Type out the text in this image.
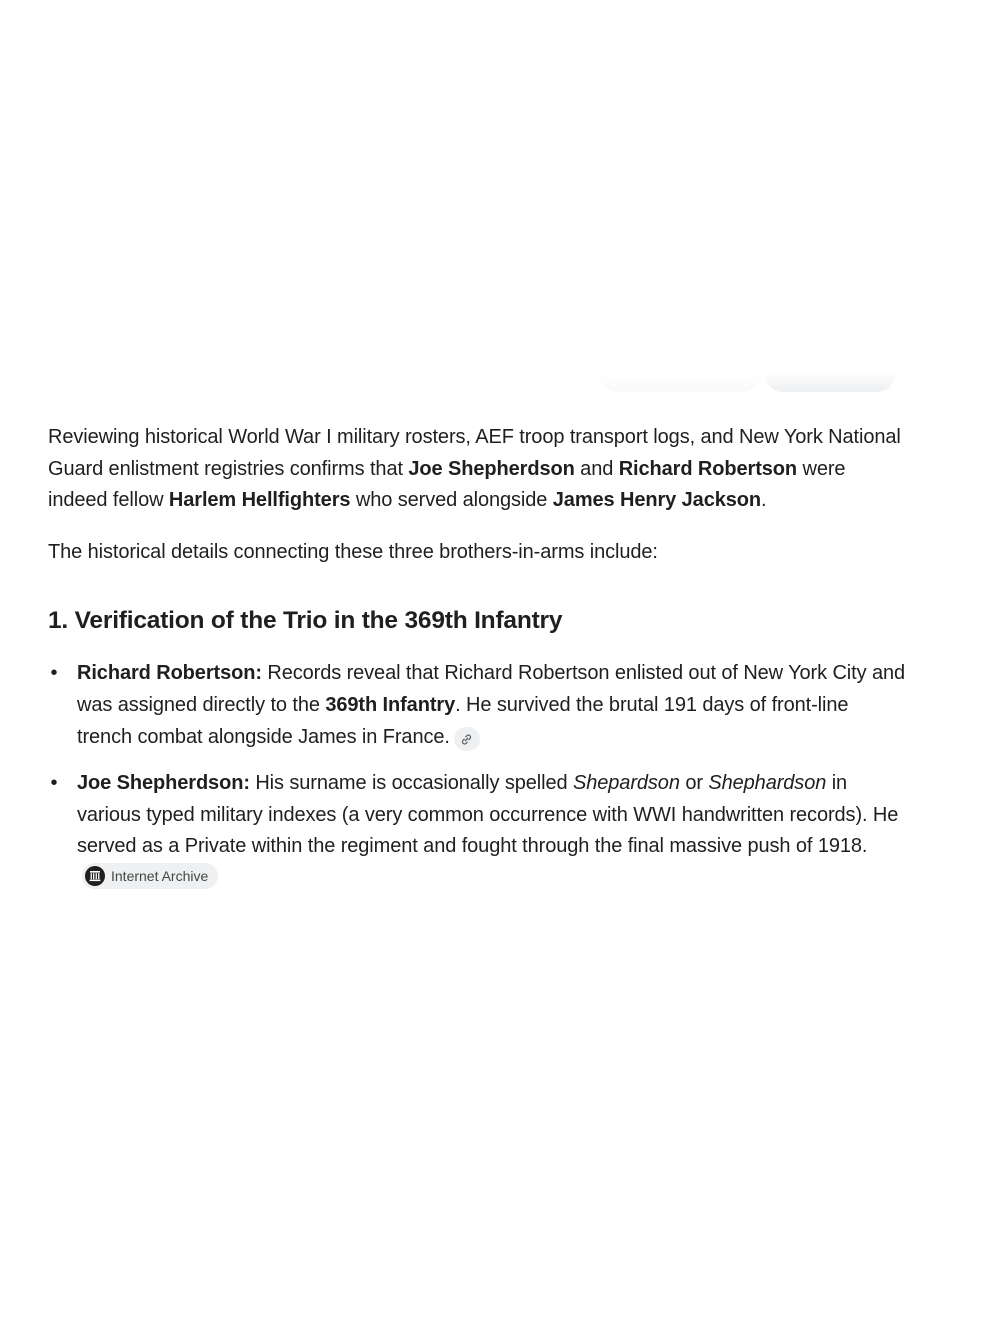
Reviewing historical World War I military rosters, AEF troop transport logs, and New York National Guard enlistment registries confirms that Joe Shepherdson and Richard Robertson were indeed fellow Harlem Hellfighters who served alongside James Henry Jackson.

The historical details connecting these three brothers-in-arms include:

1. Verification of the Trio in the 369th Infantry
• Richard Robertson: Records reveal that Richard Robertson enlisted out of New York City and was assigned directly to the 369th Infantry. He survived the brutal 191 days of front-line trench combat alongside James in France.
• Joe Shepherdson: His surname is occasionally spelled Shepardson or Shephardson in various typed military indexes (a very common occurrence with WWI handwritten records). He served as a Private within the regiment and fought through the final massive push of 1918.
Internet Archive
